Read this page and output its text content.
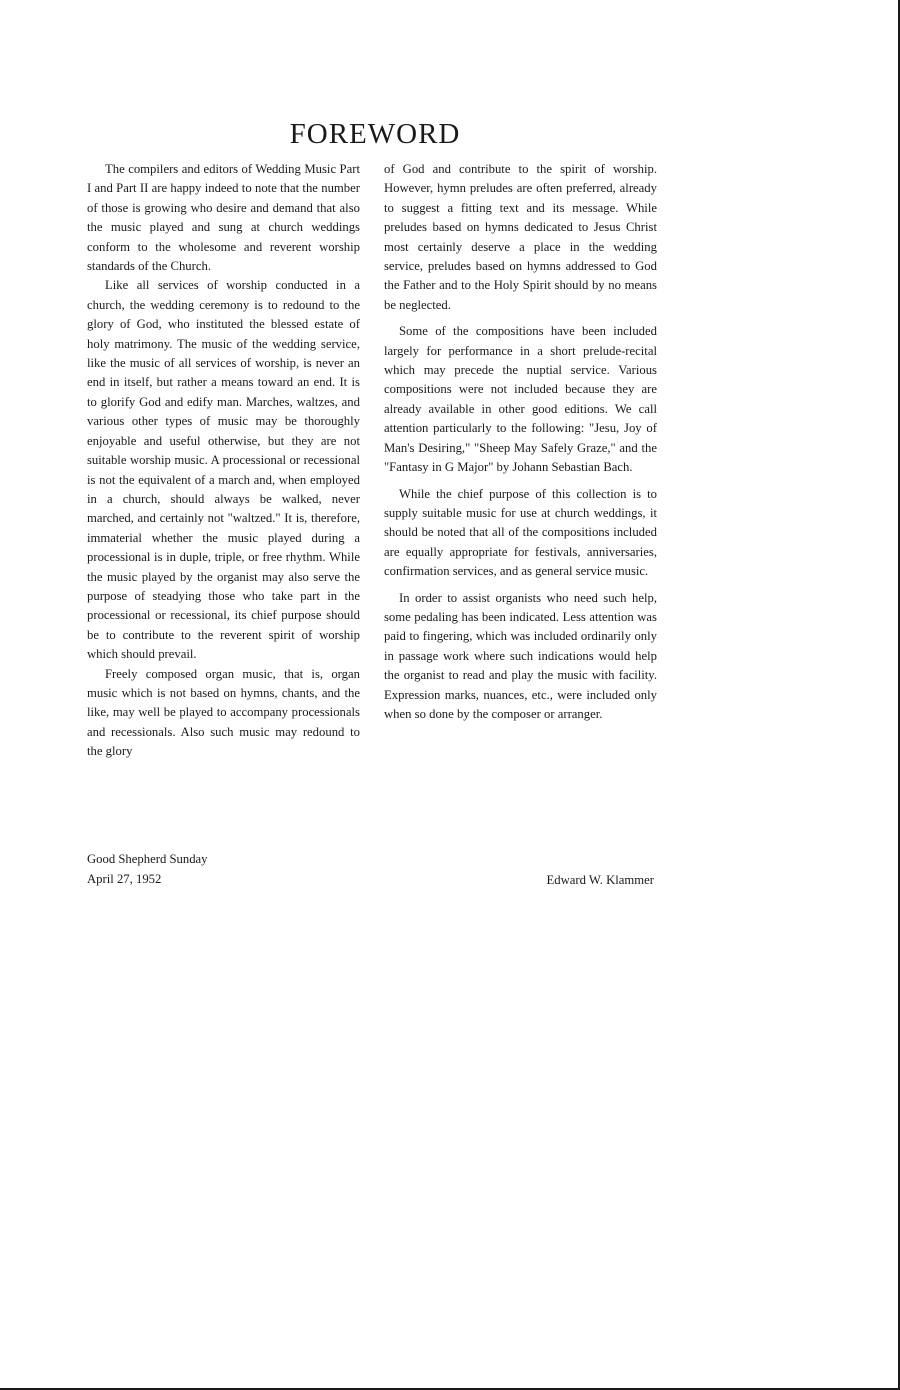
FOREWORD

The compilers and editors of Wedding Music Part I and Part II are happy indeed to note that the number of those is growing who desire and demand that also the music played and sung at church weddings conform to the wholesome and reverent worship standards of the Church.

Like all services of worship conducted in a church, the wedding ceremony is to redound to the glory of God, who instituted the blessed estate of holy matrimony. The music of the wedding service, like the music of all services of worship, is never an end in itself, but rather a means toward an end. It is to glorify God and edify man. Marches, waltzes, and various other types of music may be thoroughly enjoyable and useful otherwise, but they are not suitable worship music. A processional or recessional is not the equivalent of a march and, when employed in a church, should always be walked, never marched, and certainly not "waltzed." It is, therefore, immaterial whether the music played during a processional is in duple, triple, or free rhythm. While the music played by the organist may also serve the purpose of steadying those who take part in the processional or recessional, its chief purpose should be to contribute to the reverent spirit of worship which should prevail.

Freely composed organ music, that is, organ music which is not based on hymns, chants, and the like, may well be played to accompany processionals and recessionals. Also such music may redound to the glory

of God and contribute to the spirit of worship. However, hymn preludes are often preferred, already to suggest a fitting text and its message. While preludes based on hymns dedicated to Jesus Christ most certainly deserve a place in the wedding service, preludes based on hymns addressed to God the Father and to the Holy Spirit should by no means be neglected.

Some of the compositions have been included largely for performance in a short prelude-recital which may precede the nuptial service. Various compositions were not included because they are already available in other good editions. We call attention particularly to the following: "Jesu, Joy of Man's Desiring," "Sheep May Safely Graze," and the "Fantasy in G Major" by Johann Sebastian Bach.

While the chief purpose of this collection is to supply suitable music for use at church weddings, it should be noted that all of the compositions included are equally appropriate for festivals, anniversaries, confirmation services, and as general service music.

In order to assist organists who need such help, some pedaling has been indicated. Less attention was paid to fingering, which was included ordinarily only in passage work where such indications would help the organist to read and play the music with facility. Expression marks, nuances, etc., were included only when so done by the composer or arranger.

Good Shepherd Sunday
April 27, 1952	Edward W. Klammer
